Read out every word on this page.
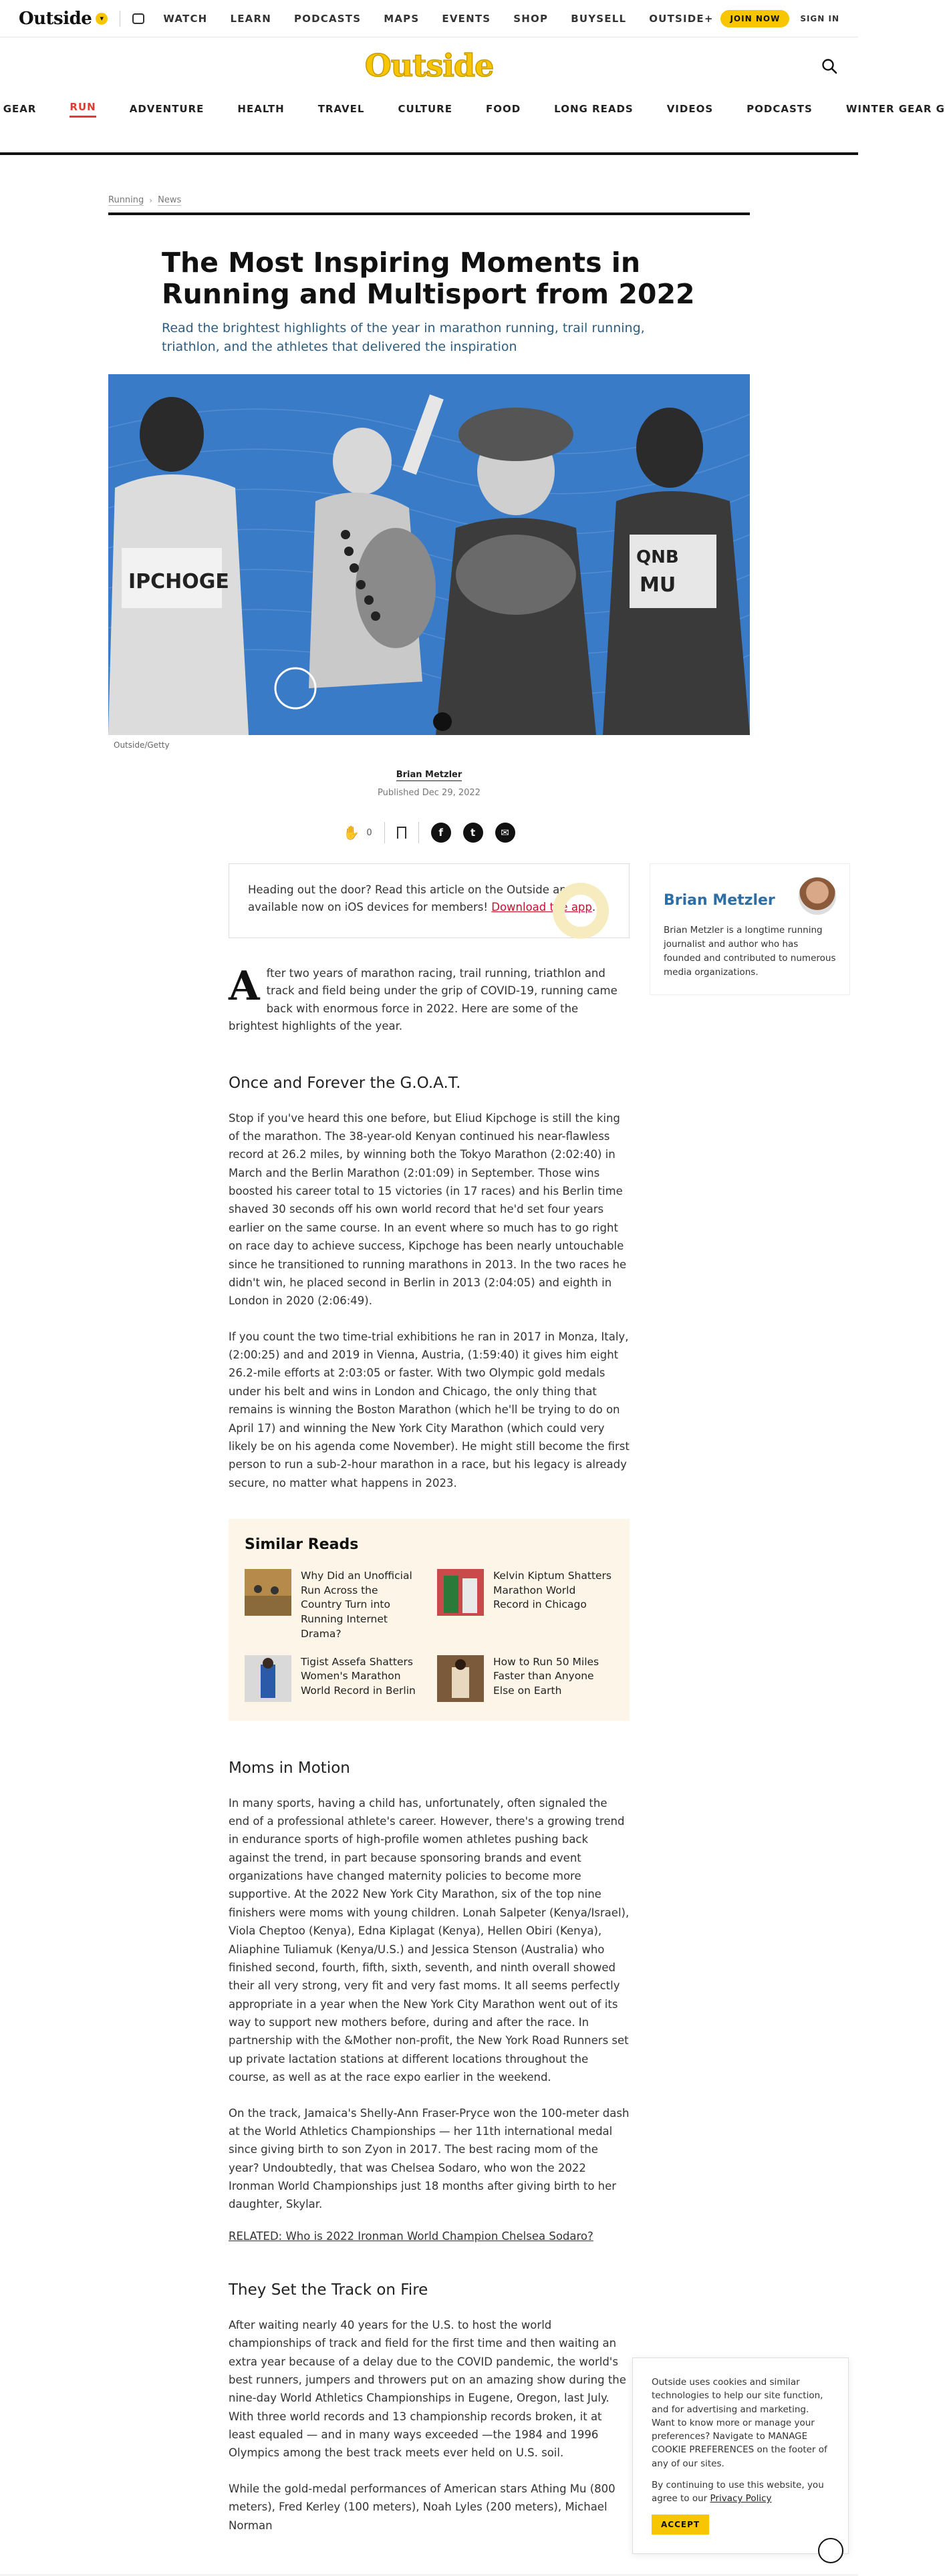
Outside	▾	WATCH LEARN PODCASTS MAPS EVENTS SHOP BUYSELL OUTSIDE+	JOIN NOW	SIGN IN
Outside
GEAR	RUN	ADVENTURE	HEALTH	TRAVEL	CULTURE	FOOD	LONG READS	VIDEOS	PODCASTS	WINTER GEAR G
Running › News
The Most Inspiring Moments in Running and Multisport from 2022

Read the brightest highlights of the year in marathon running, trail running, triathlon, and the athletes that delivered the inspiration

IPCHOGE
QNB
MU
Outside/Getty
Brian Metzler
Published Dec 29, 2022
✋ 0	f	t	✉
Brian Metzler

Brian Metzler is a longtime running journalist and author who has founded and contributed to numerous media organizations.

Heading out the door? Read this article on the Outside app available now on iOS devices for members! Download the app.

After two years of marathon racing, trail running, triathlon and track and field being under the grip of COVID-19, running came back with enormous force in 2022. Here are some of the brightest highlights of the year.

Once and Forever the G.O.A.T.

Stop if you've heard this one before, but Eliud Kipchoge is still the king of the marathon. The 38-year-old Kenyan continued his near-flawless record at 26.2 miles, by winning both the Tokyo Marathon (2:02:40) in March and the Berlin Marathon (2:01:09) in September. Those wins boosted his career total to 15 victories (in 17 races) and his Berlin time shaved 30 seconds off his own world record that he'd set four years earlier on the same course. In an event where so much has to go right on race day to achieve success, Kipchoge has been nearly untouchable since he transitioned to running marathons in 2013. In the two races he didn't win, he placed second in Berlin in 2013 (2:04:05) and eighth in London in 2020 (2:06:49).

If you count the two time-trial exhibitions he ran in 2017 in Monza, Italy, (2:00:25) and and 2019 in Vienna, Austria, (1:59:40) it gives him eight 26.2-mile efforts at 2:03:05 or faster. With two Olympic gold medals under his belt and wins in London and Chicago, the only thing that remains is winning the Boston Marathon (which he'll be trying to do on April 17) and winning the New York City Marathon (which could very likely be on his agenda come November). He might still become the first person to run a sub-2-hour marathon in a race, but his legacy is already secure, no matter what happens in 2023.

Similar Reads
Why Did an Unofficial Run Across the Country Turn into Running Internet Drama?
Kelvin Kiptum Shatters Marathon World Record in Chicago
Tigist Assefa Shatters Women's Marathon World Record in Berlin
How to Run 50 Miles Faster than Anyone Else on Earth
Moms in Motion

In many sports, having a child has, unfortunately, often signaled the end of a professional athlete's career. However, there's a growing trend in endurance sports of high-profile women athletes pushing back against the trend, in part because sponsoring brands and event organizations have changed maternity policies to become more supportive. At the 2022 New York City Marathon, six of the top nine finishers were moms with young children. Lonah Salpeter (Kenya/Israel), Viola Cheptoo (Kenya), Edna Kiplagat (Kenya), Hellen Obiri (Kenya), Aliaphine Tuliamuk (Kenya/U.S.) and Jessica Stenson (Australia) who finished second, fourth, fifth, sixth, seventh, and ninth overall showed their all very strong, very fit and very fast moms. It all seems perfectly appropriate in a year when the New York City Marathon went out of its way to support new mothers before, during and after the race. In partnership with the &Mother non-profit, the New York Road Runners set up private lactation stations at different locations throughout the course, as well as at the race expo earlier in the weekend.

On the track, Jamaica's Shelly-Ann Fraser-Pryce won the 100-meter dash at the World Athletics Championships — her 11th international medal since giving birth to son Zyon in 2017. The best racing mom of the year? Undoubtedly, that was Chelsea Sodaro, who won the 2022 Ironman World Championships just 18 months after giving birth to her daughter, Skylar.

RELATED: Who is 2022 Ironman World Champion Chelsea Sodaro?

They Set the Track on Fire

After waiting nearly 40 years for the U.S. to host the world championships of track and field for the first time and then waiting an extra year because of a delay due to the COVID pandemic, the world's best runners, jumpers and throwers put on an amazing show during the nine-day World Athletics Championships in Eugene, Oregon, last July. With three world records and 13 championship records broken, it at least equaled — and in many ways exceeded —the 1984 and 1996 Olympics among the best track meets ever held on U.S. soil.

While the gold-medal performances of American stars Athing Mu (800 meters), Fred Kerley (100 meters), Noah Lyles (200 meters), Michael Norman

Outside uses cookies and similar technologies to help our site function, and for advertising and marketing. Want to know more or manage your preferences? Navigate to MANAGE COOKIE PREFERENCES on the footer of any of our sites.

By continuing to use this website, you agree to our Privacy Policy

ACCEPT
